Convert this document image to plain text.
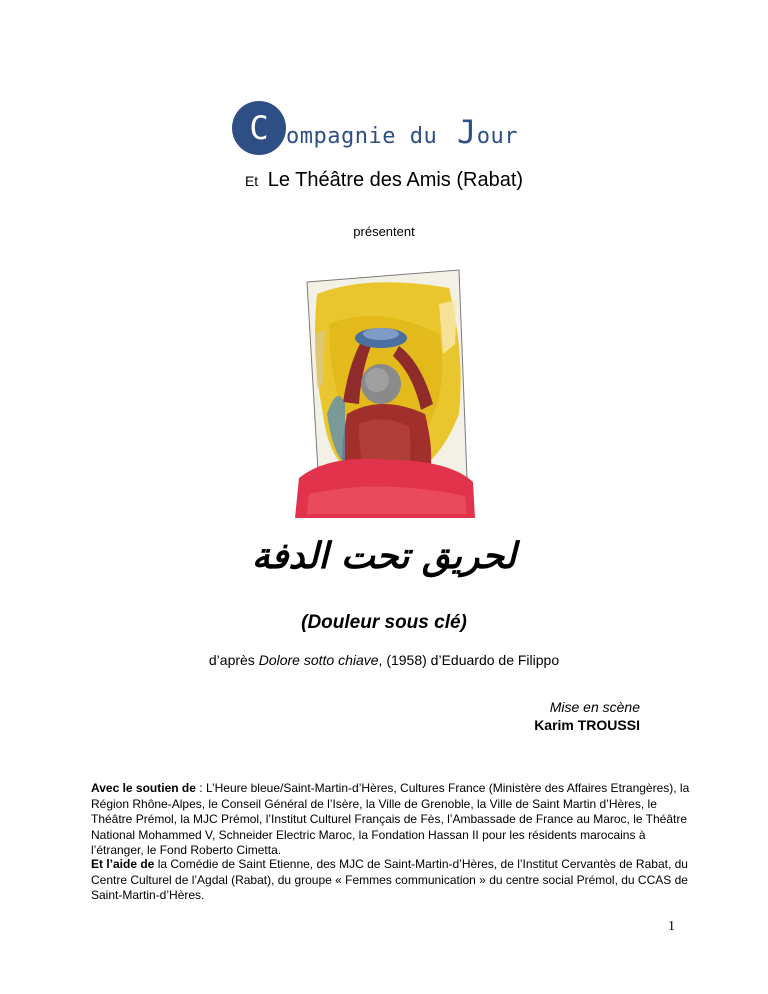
C ompagnie du Jour
Et Le Théâtre des Amis (Rabat)
présentent
لحريق تحت الدفة
(Douleur sous clé)
d’après Dolore sotto chiave, (1958) d’Eduardo de Filippo
Mise en scène
Karim TROUSSI
Avec le soutien de : L’Heure bleue/Saint-Martin-d’Hères, Cultures France (Ministère des Affaires Etrangères), la Région Rhône-Alpes, le Conseil Général de l’Isère, la Ville de Grenoble, la Ville de Saint Martin d’Hères, le Théâtre Prémol, la MJC Prémol, l’Institut Culturel Français de Fès, l’Ambassade de France au Maroc, le Théâtre National Mohammed V, Schneider Electric Maroc, la Fondation Hassan II pour les résidents marocains à l’étranger, le Fond Roberto Cimetta.
Et l’aide de la Comédie de Saint Etienne, des MJC de Saint-Martin-d’Hères, de l’Institut Cervantès de Rabat, du Centre Culturel de l’Agdal (Rabat), du groupe « Femmes communication » du centre social Prémol, du CCAS de Saint-Martin-d’Hères.
1
